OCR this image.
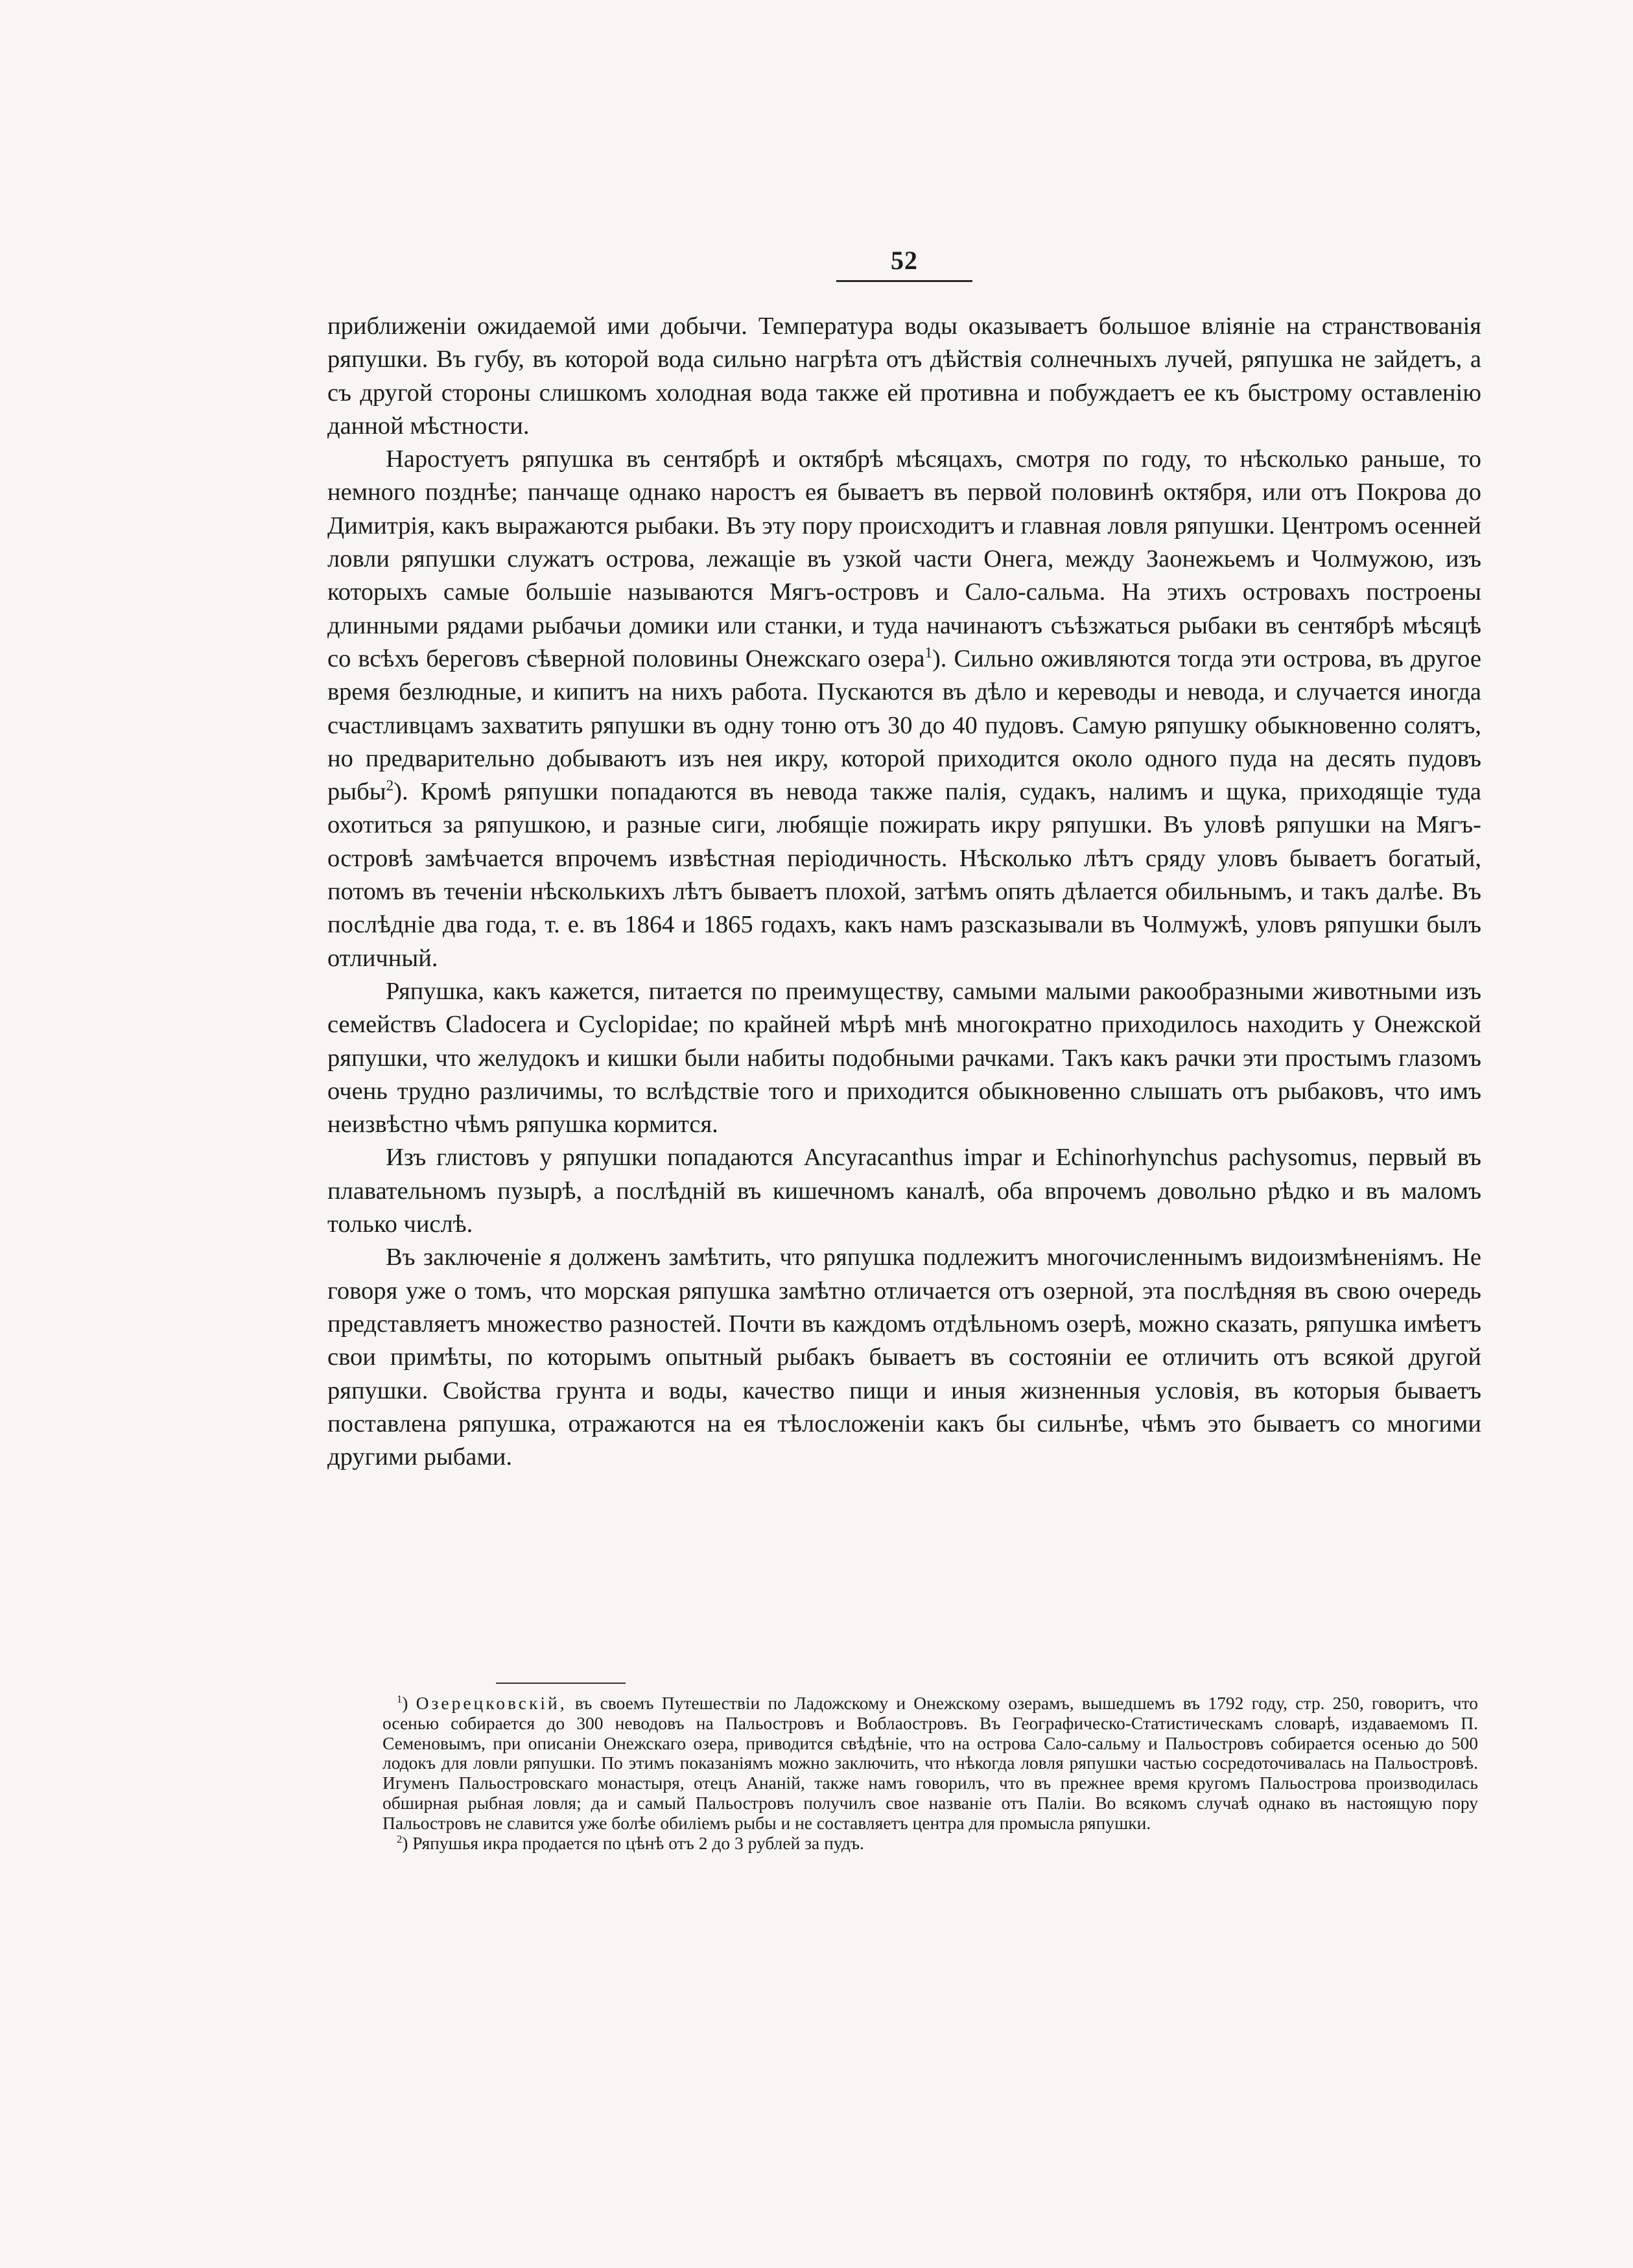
52

приближеніи ожидаемой ими добычи. Температура воды оказываетъ большое вліяніе на странствованія ряпушки. Въ губу, въ которой вода сильно нагрѣта отъ дѣйствія солнечныхъ лучей, ряпушка не зайдетъ, а съ другой стороны слишкомъ холодная вода также ей противна и побуждаетъ ее къ быстрому оставленію данной мѣстности.

Наростуетъ ряпушка въ сентябрѣ и октябрѣ мѣсяцахъ, смотря по году, то нѣсколько раньше, то немного позднѣе; пaнчаще однако наростъ ея бываетъ въ первой половинѣ октября, или отъ Покрова до Димитрія, какъ выражаются рыбаки. Въ эту пору происходитъ и главная ловля ряпушки. Центромъ осенней ловли ряпушки служатъ острова, лежащіе въ узкой части Онега, между Заонежьемъ и Чолмужою, изъ которыхъ самые большіе называются Мягъ-островъ и Сало-сальма. На этихъ островахъ построены длинными рядами рыбачьи домики или станки, и туда начинаютъ съѣзжаться рыбаки въ сентябрѣ мѣсяцѣ со всѣхъ береговъ сѣверной половины Онежскаго озера$^1$). Сильно оживляются тогда эти острова, въ другое время безлюдные, и кипитъ на нихъ работа. Пускаются въ дѣло и кереводы и невода, и случается иногда счастливцамъ захватить ряпушки въ одну тоню отъ 30 до 40 пудовъ. Самую ряпушку обыкновенно солятъ, но предварительно добываютъ изъ нея икру, которой приходится около одного пуда на десять пудовъ рыбы$^2$). Кромѣ ряпушки попадаются въ невода также палія, судакъ, налимъ и щука, приходящіе туда охотиться за ряпушкою, и разные сиги, любящіе пожирать икру ряпушки. Въ уловѣ ряпушки на Мягъ-островѣ замѣчается впрочемъ извѣстная періодичность. Нѣсколько лѣтъ сряду уловъ бываетъ богатый, потомъ въ теченіи нѣсколькихъ лѣтъ бываетъ плохой, затѣмъ опять дѣлается обильнымъ, и такъ далѣе. Въ послѣдніе два года, т. е. въ 1864 и 1865 годахъ, какъ намъ разсказывали въ Чолмужѣ, уловъ ряпушки былъ отличный.

Ряпушка, какъ кажется, питается по преимуществу, самыми малыми ракообразными животными изъ семействъ Cladocera и Cyclopidae; по крайней мѣрѣ мнѣ многократно приходилось находить у Онежской ряпушки, что желудокъ и кишки были набиты подобными рачками. Такъ какъ рачки эти простымъ глазомъ очень трудно различимы, то вслѣдствіе того и приходится обыкновенно слышать отъ рыбаковъ, что имъ неизвѣстно чѣмъ ряпушка кормится.

Изъ глистовъ у ряпушки попадаются Ancyracanthus impar и Echinorhynchus pachysomus, первый въ плавательномъ пузырѣ, а послѣдній въ кишечномъ каналѣ, оба впрочемъ довольно рѣдко и въ маломъ только числѣ.

Въ заключеніе я долженъ замѣтить, что ряпушка подлежитъ многочисленнымъ видоизмѣненіямъ. Не говоря уже о томъ, что морская ряпушка замѣтно отличается отъ озерной, эта послѣдняя въ свою очередь представляетъ множество разностей. Почти въ каждомъ отдѣльномъ озерѣ, можно сказать, ряпушка имѣетъ свои примѣты, по которымъ опытный рыбакъ бываетъ въ состояніи ее отличить отъ всякой другой ряпушки. Свойства грунта и воды, качество пищи и иныя жизненныя условія, въ которыя бываетъ поставлена ряпушка, отражаются на ея тѣлосложеніи какъ бы сильнѣе, чѣмъ это бываетъ со многими другими рыбами.

$^1$) Озерецковскій, въ своемъ Путешествіи по Ладожскому и Онежскому озерамъ, вышедшемъ въ 1792 году, стр. 250, говоритъ, что осенью собирается до 300 неводовъ на Пальостровъ и Воблаостровъ. Въ Географическо-Статистическамъ словарѣ, издаваемомъ П. Семеновымъ, при описаніи Онежскаго озера, приводится свѣдѣніе, что на острова Сало-сальму и Пальостровъ собирается осенью до 500 лодокъ для ловли ряпушки. По этимъ показаніямъ можно заключить, что нѣкогда ловля ряпушки частью сосредоточивалась на Пальостровѣ. Игуменъ Пальостровскаго монастыря, отецъ Ананій, также намъ говорилъ, что въ прежнее время кругомъ Пальострова производилась обширная рыбная ловля; да и самый Пальостровъ получилъ свое названіе отъ Паліи. Во всякомъ случаѣ однако въ настоящую пору Пальостровъ не славится уже болѣе обиліемъ рыбы и не составляетъ центра для промысла ряпушки.

$^2$) Ряпушья икра продается по цѣнѣ отъ 2 до 3 рублей за пудъ.
